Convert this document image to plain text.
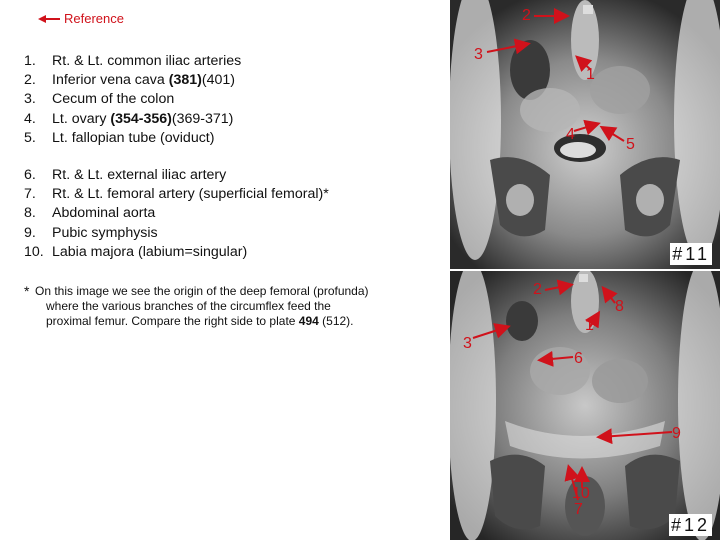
Reference
1.	Rt. & Lt. common iliac arteries
2.	Inferior vena cava (381)(401)
3.	Cecum of the colon
4.	Lt. ovary (354-356)(369-371)
5.	Lt. fallopian tube (oviduct)
6.	Rt. & Lt. external iliac artery
7.	Rt. & Lt. femoral artery (superficial femoral)*
8.	Abdominal aorta
9.	Pubic symphysis
10. Labia majora (labium=singular)
* On this image we see the origin of the deep femoral (profunda)
where the various branches of the circumflex feed the
proximal femur. Compare the right side to plate 494 (512).
#11
#12
2
3
1
4
5
2
8
1
3
6
9
10
7
